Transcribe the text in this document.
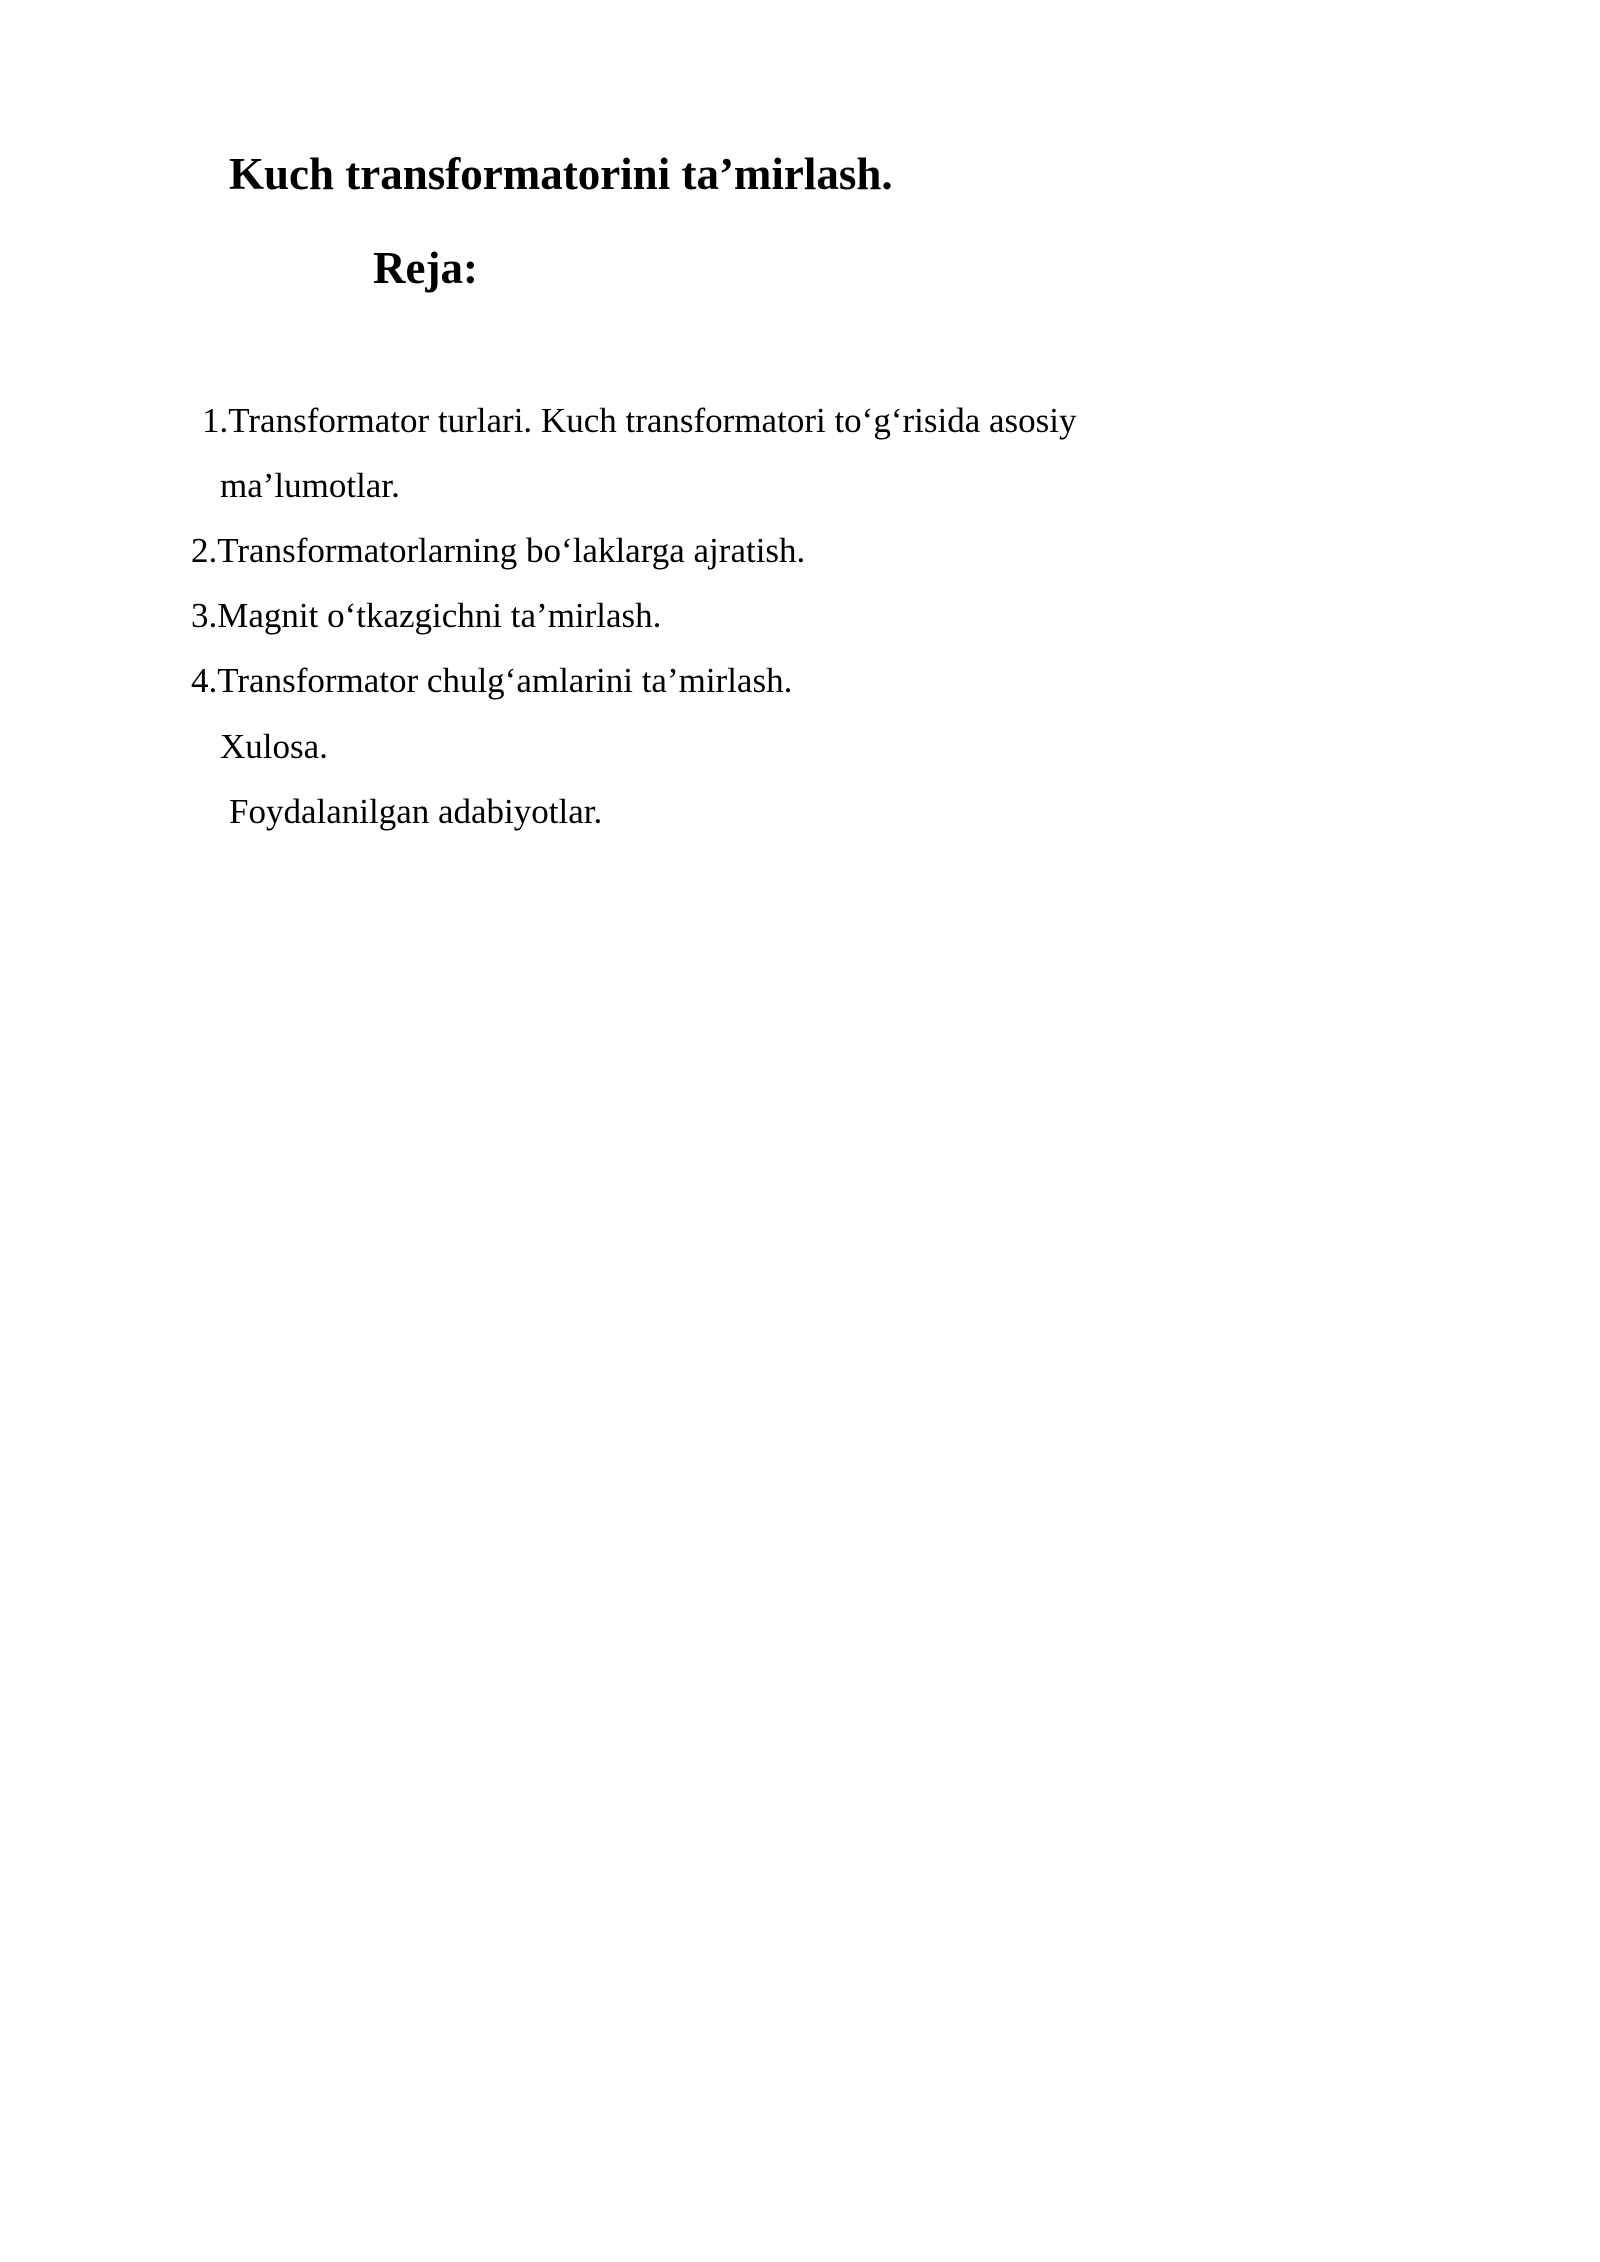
Kuch transformatorini ta’mirlash.
Reja:
1.Transformator turlari. Kuch transformatori to‘g‘risida asosiy
ma’lumotlar.
2.Transformatorlarning bo‘laklarga ajratish.
3.Magnit o‘tkazgichni ta’mirlash.
4.Transformator chulg‘amlarini ta’mirlash.
Xulosa.
Foydalanilgan adabiyotlar.
